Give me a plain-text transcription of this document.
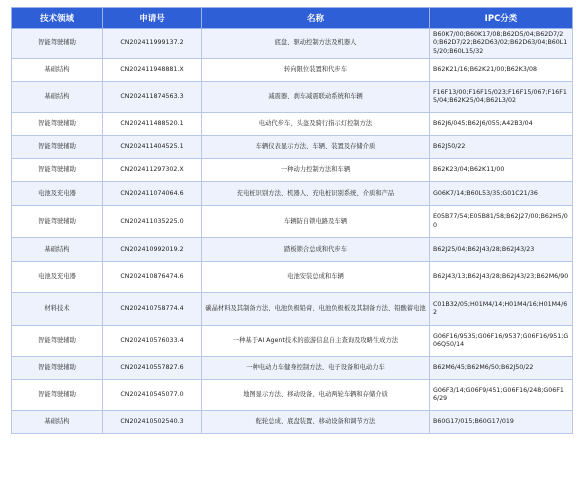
技术领域	申请号	名称	IPC分类
智能驾驶辅助	CN202411999137.2	底盘、驱动控制方法及机器人	B60K7/00;B60K17/08;B62D5/04;B62D7/20;B62D7/22;B62D63/02;B62D63/04;B60L15/20;B60L15/32
基础结构	CN202411948881.X	转向限位装置和代步车	B62K21/16;B62K21/00;B62K3/08
基础结构	CN202411874563.3	减震器、刹车减震联动系统和车辆	F16F13/00;F16F15/023;F16F15/067;F16F15/04;B62K25/04;B62L3/02
智能驾驶辅助	CN202411488520.1	电动代步车、头盔及骑行指示灯控制方法	B62J6/045;B62J6/055;A42B3/04
智能驾驶辅助	CN202411404525.1	车辆仪表显示方法、车辆、装置及存储介质	B62J50/22
智能驾驶辅助	CN202411297302.X	一种动力控制方法和车辆	B62K23/04;B62K11/00
电池及充电器	CN202411074064.6	充电桩识别方法、机器人、充电桩识别系统、介质和产品	G06K7/14;B60L53/35;G01C21/36
智能驾驶辅助	CN202411035225.0	车辆防自锁电路及车辆	E05B77/54;E05B81/58;B62J27/00;B62H5/00
基础结构	CN202410992019.2	踏板锁合总成和代步车	B62J25/04;B62J43/28;B62J43/23
电池及充电器	CN202410876474.6	电池安装总成和车辆	B62J43/13;B62J43/28;B62J43/23;B62M6/90
材料技术	CN202410758774.4	碳晶材料及其制备方法、电池负极铅膏、电池负极板及其制备方法、铅酸蓄电池	C01B32/05;H01M4/14;H01M4/16;H01M4/62
智能驾驶辅助	CN202410576033.4	一种基于AI Agent技术的旅游信息自主查询及攻略生成方法	G06F16/9535;G06F16/9537;G06F16/951;G06Q50/14
智能驾驶辅助	CN202410557827.6	一种电动力车健身控制方法、电子设备和电动力车	B62M6/45;B62M6/50;B62J50/22
智能驾驶辅助	CN202410545077.0	地图显示方法、移动设备、电动两轮车辆和存储介质	G06F3/14;G06F9/451;G06F16/248;G06F16/29
基础结构	CN202410502540.3	舵轮总成、底盘装置、移动设备和调节方法	B60G17/015;B60G17/019
